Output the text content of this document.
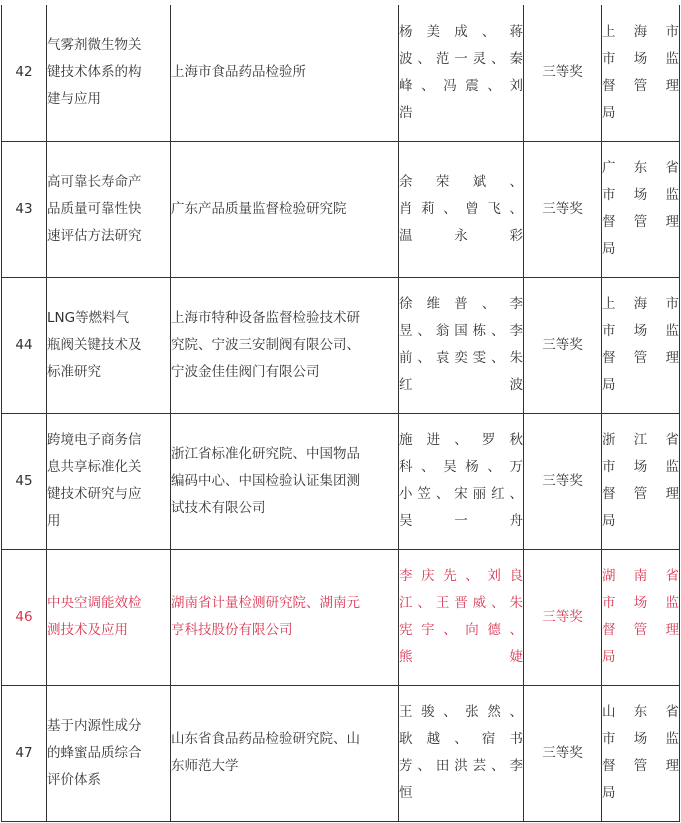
42	气雾剂微生物关
键技术体系的构
建与应用	上海市食品药品检验所	杨美成、蒋
波、范一灵、秦
峰、冯震、刘
浩	三等奖	上海市
市场监
督管理
局

43	高可靠长寿命产
品质量可靠性快
速评估方法研究	广东产品质量监督检验研究院	余荣斌、
肖莉、曾飞、
温永彩	三等奖	广东省
市场监
督管理
局

44	LNG等燃料气
瓶阀关键技术及
标准研究	上海市特种设备监督检验技术研
究院、宁波三安制阀有限公司、
宁波金佳佳阀门有限公司	徐维普、李
昱、翁国栋、李
前、袁奕雯、朱
红波	三等奖	上海市
市场监
督管理
局

45	跨境电子商务信
息共享标准化关
键技术研究与应
用	浙江省标准化研究院、中国物品
编码中心、中国检验认证集团测
试技术有限公司	施进、罗秋
科、吴杨、万
小笠、宋丽红、
吴一舟	三等奖	浙江省
市场监
督管理
局

46	中央空调能效检
测技术及应用	湖南省计量检测研究院、湖南元
亨科技股份有限公司	李庆先、刘良
江、王晋威、朱
宪宇、向德、
熊婕	三等奖	湖南省
市场监
督管理
局

47	基于内源性成分
的蜂蜜品质综合
评价体系	山东省食品药品检验研究院、山
东师范大学	王骏、张然、
耿越、宿书
芳、田洪芸、李
恒	三等奖	山东省
市场监
督管理
局
